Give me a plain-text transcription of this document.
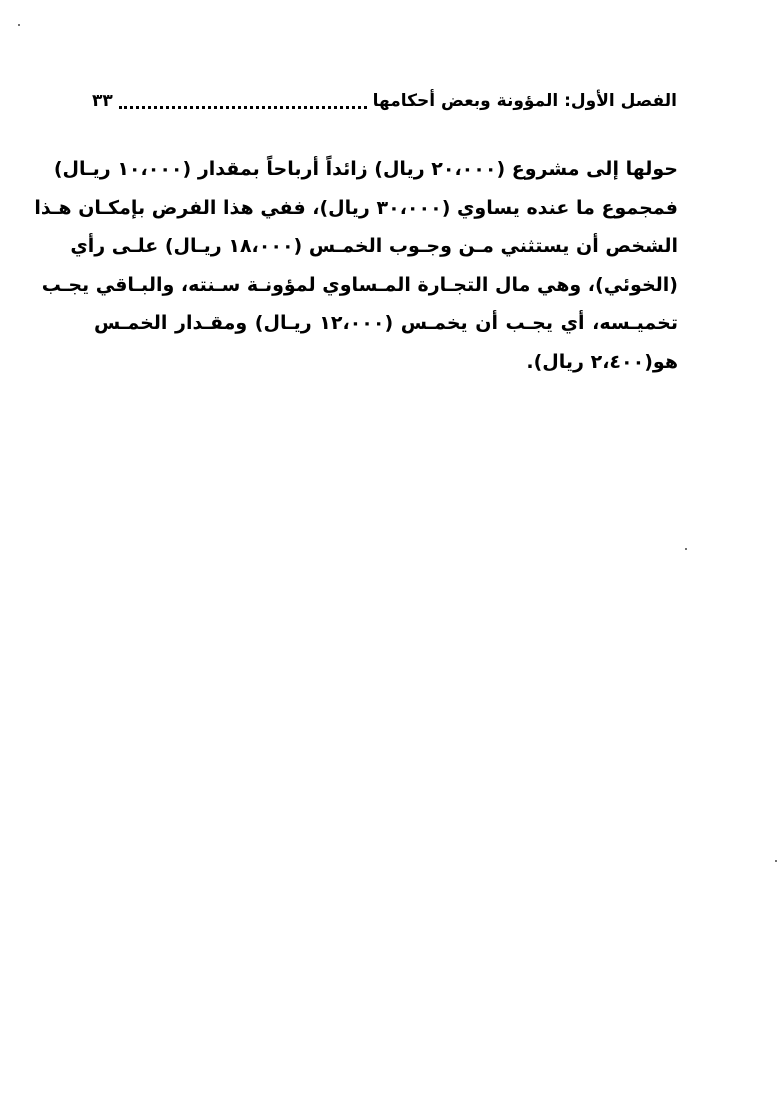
الفصل الأول: المؤونة وبعض أحكامها
٣٣
حولها إلى مشروع (٢٠،٠٠٠ ريال) زائداً أرباحاً بمقدار (١٠،٠٠٠ ريـال)
فمجموع ما عنده يساوي (٣٠،٠٠٠ ريال)، ففي هذا الفرض بإمكـان هـذا
الشخص أن يستثني مـن وجـوب الخمـس (١٨،٠٠٠ ريـال) علـى رأي
(الخوئي)، وهي مال التجـارة المـساوي لمؤونـة سـنته، والبـاقي يجـب
تخميـسه، أي يجـب أن يخمـس (١٢،٠٠٠ ريـال) ومقـدار الخمـس
هو(٢،٤٠٠ ريال).
